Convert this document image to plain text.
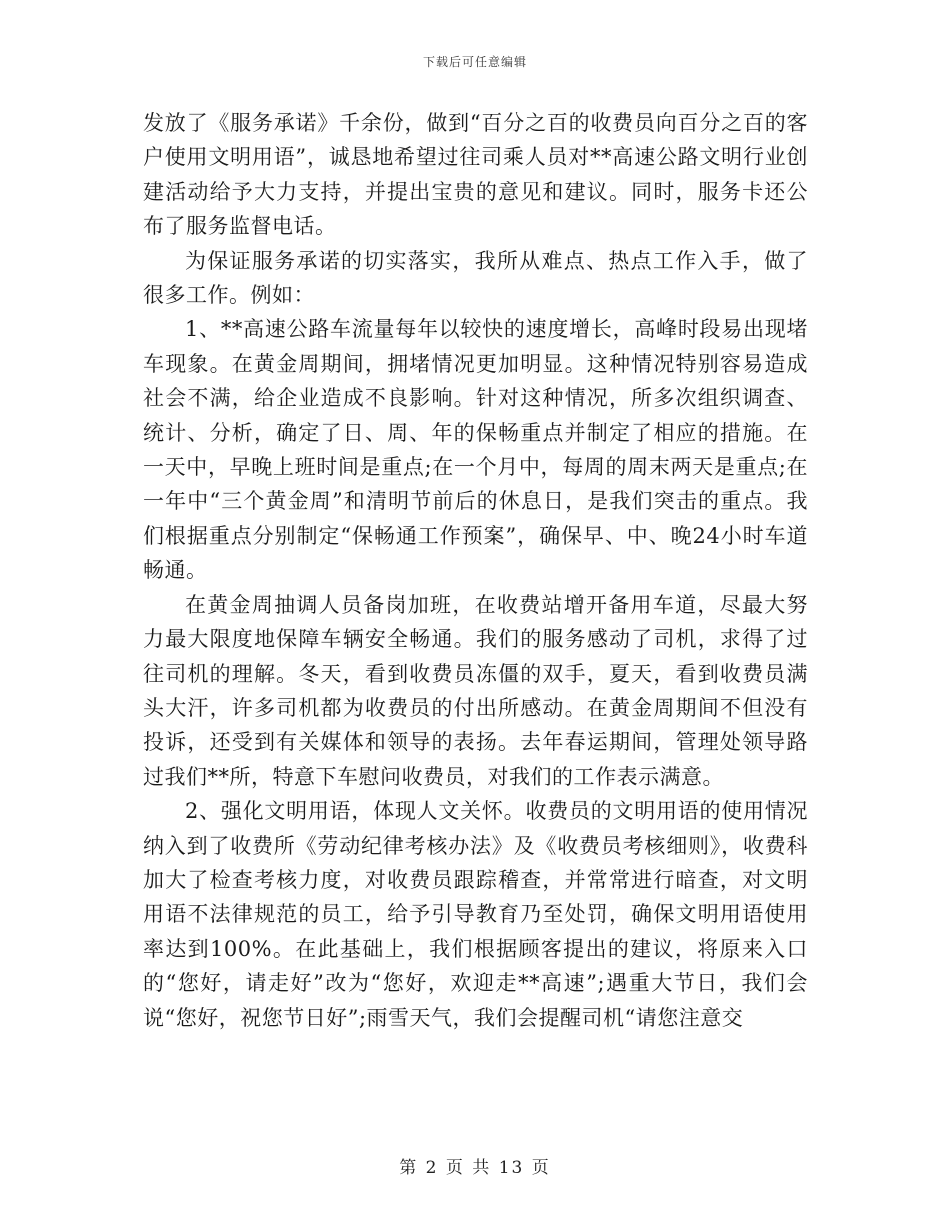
下载后可任意编辑

发放了《服务承诺》千余份，做到“百分之百的收费员向百分之百的客户使用文明用语”，诚恳地希望过往司乘人员对**高速公路文明行业创建活动给予大力支持，并提出宝贵的意见和建议。同时，服务卡还公布了服务监督电话。

为保证服务承诺的切实落实，我所从难点、热点工作入手，做了很多工作。例如：

1、**高速公路车流量每年以较快的速度增长，高峰时段易出现堵车现象。在黄金周期间，拥堵情况更加明显。这种情况特别容易造成社会不满，给企业造成不良影响。针对这种情况，所多次组织调查、统计、分析，确定了日、周、年的保畅重点并制定了相应的措施。在一天中，早晚上班时间是重点;在一个月中，每周的周末两天是重点;在一年中“三个黄金周”和清明节前后的休息日，是我们突击的重点。我们根据重点分别制定“保畅通工作预案”，确保早、中、晚24小时车道畅通。

在黄金周抽调人员备岗加班，在收费站增开备用车道，尽最大努力最大限度地保障车辆安全畅通。我们的服务感动了司机，求得了过往司机的理解。冬天，看到收费员冻僵的双手，夏天，看到收费员满头大汗，许多司机都为收费员的付出所感动。在黄金周期间不但没有投诉，还受到有关媒体和领导的表扬。去年春运期间，管理处领导路过我们**所，特意下车慰问收费员，对我们的工作表示满意。

2、强化文明用语，体现人文关怀。收费员的文明用语的使用情况纳入到了收费所《劳动纪律考核办法》及《收费员考核细则》，收费科加大了检查考核力度，对收费员跟踪稽查，并常常进行暗查，对文明用语不法律规范的员工，给予引导教育乃至处罚，确保文明用语使用率达到100%。在此基础上，我们根据顾客提出的建议，将原来入口的“您好，请走好”改为“您好，欢迎走**高速”;遇重大节日，我们会说“您好，祝您节日好”;雨雪天气，我们会提醒司机“请您注意交

第 2 页 共 13 页
